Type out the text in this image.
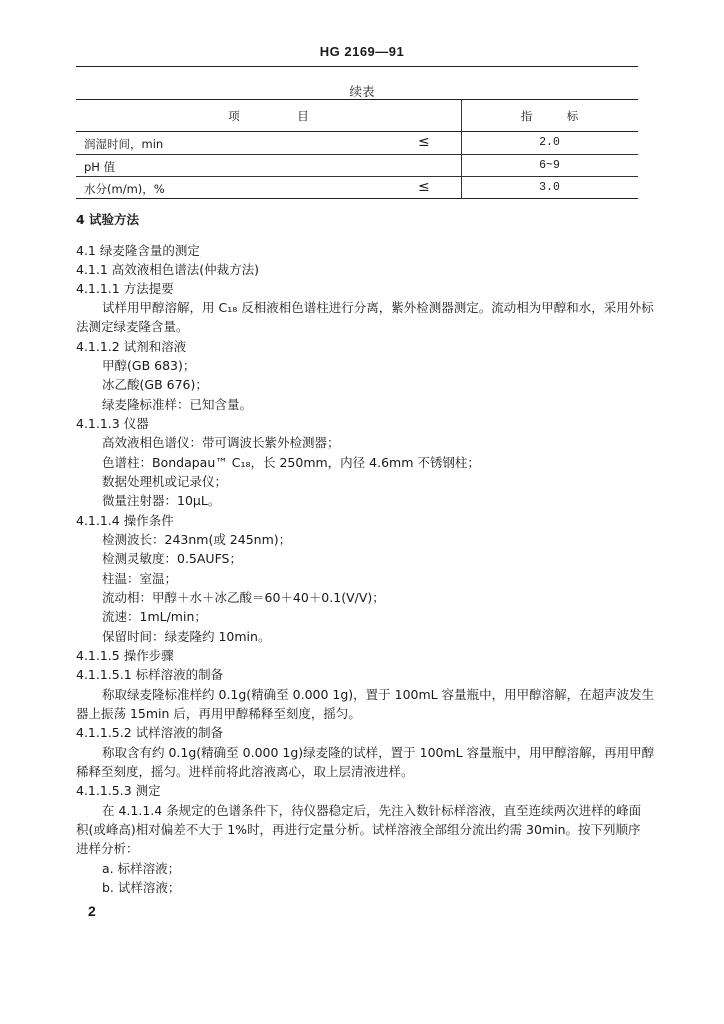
HG 2169—91
续表
项　　　　　目	指　　　标
润湿时间，min	≤	2.0
pH 值	6~9
水分(m/m)，%	≤	3.0
4 试验方法
4.1 绿麦隆含量的测定
4.1.1 高效液相色谱法(仲裁方法)
4.1.1.1 方法提要
试样用甲醇溶解，用 C₁₈ 反相液相色谱柱进行分离，紫外检测器测定。流动相为甲醇和水，采用外标
法测定绿麦隆含量。
4.1.1.2 试剂和溶液
甲醇(GB 683)；
冰乙酸(GB 676)；
绿麦隆标准样：已知含量。
4.1.1.3 仪器
高效液相色谱仪：带可调波长紫外检测器；
色谱柱：Bondapau™ C₁₈，长 250mm，内径 4.6mm 不锈钢柱；
数据处理机或记录仪；
微量注射器：10μL。
4.1.1.4 操作条件
检测波长：243nm(或 245nm)；
检测灵敏度：0.5AUFS；
柱温：室温；
流动相：甲醇＋水＋冰乙酸＝60＋40＋0.1(V/V)；
流速：1mL/min；
保留时间：绿麦隆约 10min。
4.1.1.5 操作步骤
4.1.1.5.1 标样溶液的制备
称取绿麦隆标准样约 0.1g(精确至 0.000 1g)，置于 100mL 容量瓶中，用甲醇溶解，在超声波发生
器上振荡 15min 后，再用甲醇稀释至刻度，摇匀。
4.1.1.5.2 试样溶液的制备
称取含有约 0.1g(精确至 0.000 1g)绿麦隆的试样，置于 100mL 容量瓶中，用甲醇溶解，再用甲醇
稀释至刻度，摇匀。进样前将此溶液离心，取上层清液进样。
4.1.1.5.3 测定
在 4.1.1.4 条规定的色谱条件下，待仪器稳定后，先注入数针标样溶液，直至连续两次进样的峰面
积(或峰高)相对偏差不大于 1%时，再进行定量分析。试样溶液全部组分流出约需 30min。按下列顺序
进样分析：
a. 标样溶液；
b. 试样溶液；
2
